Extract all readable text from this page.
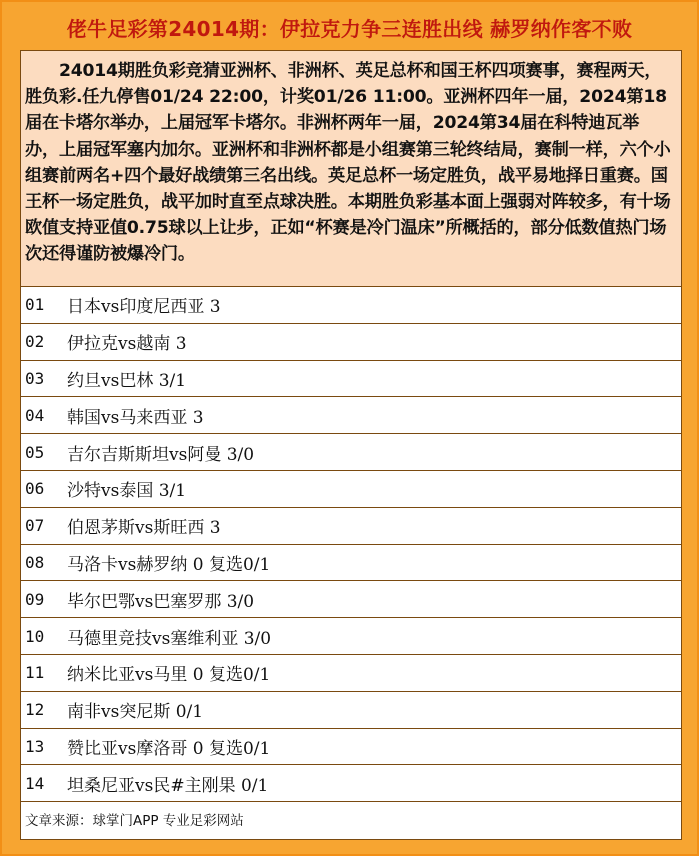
佬牛足彩第24014期：伊拉克力争三连胜出线 赫罗纳作客不败

24014期胜负彩竞猜亚洲杯、非洲杯、英足总杯和国王杯四项赛事，赛程两天，胜负彩.任九停售01/24 22:00，计奖01/26 11:00。亚洲杯四年一届，2024第18届在卡塔尔举办，上届冠军卡塔尔。非洲杯两年一届，2024第34届在科特迪瓦举办，上届冠军塞内加尔。亚洲杯和非洲杯都是小组赛第三轮终结局，赛制一样，六个小组赛前两名+四个最好战绩第三名出线。英足总杯一场定胜负，战平易地择日重赛。国王杯一场定胜负，战平加时直至点球决胜。本期胜负彩基本面上强弱对阵较多，有十场欧值支持亚值0.75球以上让步，正如“杯赛是冷门温床”所概括的，部分低数值热门场次还得谨防被爆冷门。

01	日本vs印度尼西亚 3
02	伊拉克vs越南 3
03	约旦vs巴林 3/1
04	韩国vs马来西亚 3
05	吉尔吉斯斯坦vs阿曼 3/0
06	沙特vs泰国 3/1
07	伯恩茅斯vs斯旺西 3
08	马洛卡vs赫罗纳 0 复选0/1
09	毕尔巴鄂vs巴塞罗那 3/0
10	马德里竞技vs塞维利亚 3/0
11	纳米比亚vs马里 0 复选0/1
12	南非vs突尼斯 0/1
13	赞比亚vs摩洛哥 0 复选0/1
14	坦桑尼亚vs民#主刚果 0/1
文章来源：球掌门APP 专业足彩网站
